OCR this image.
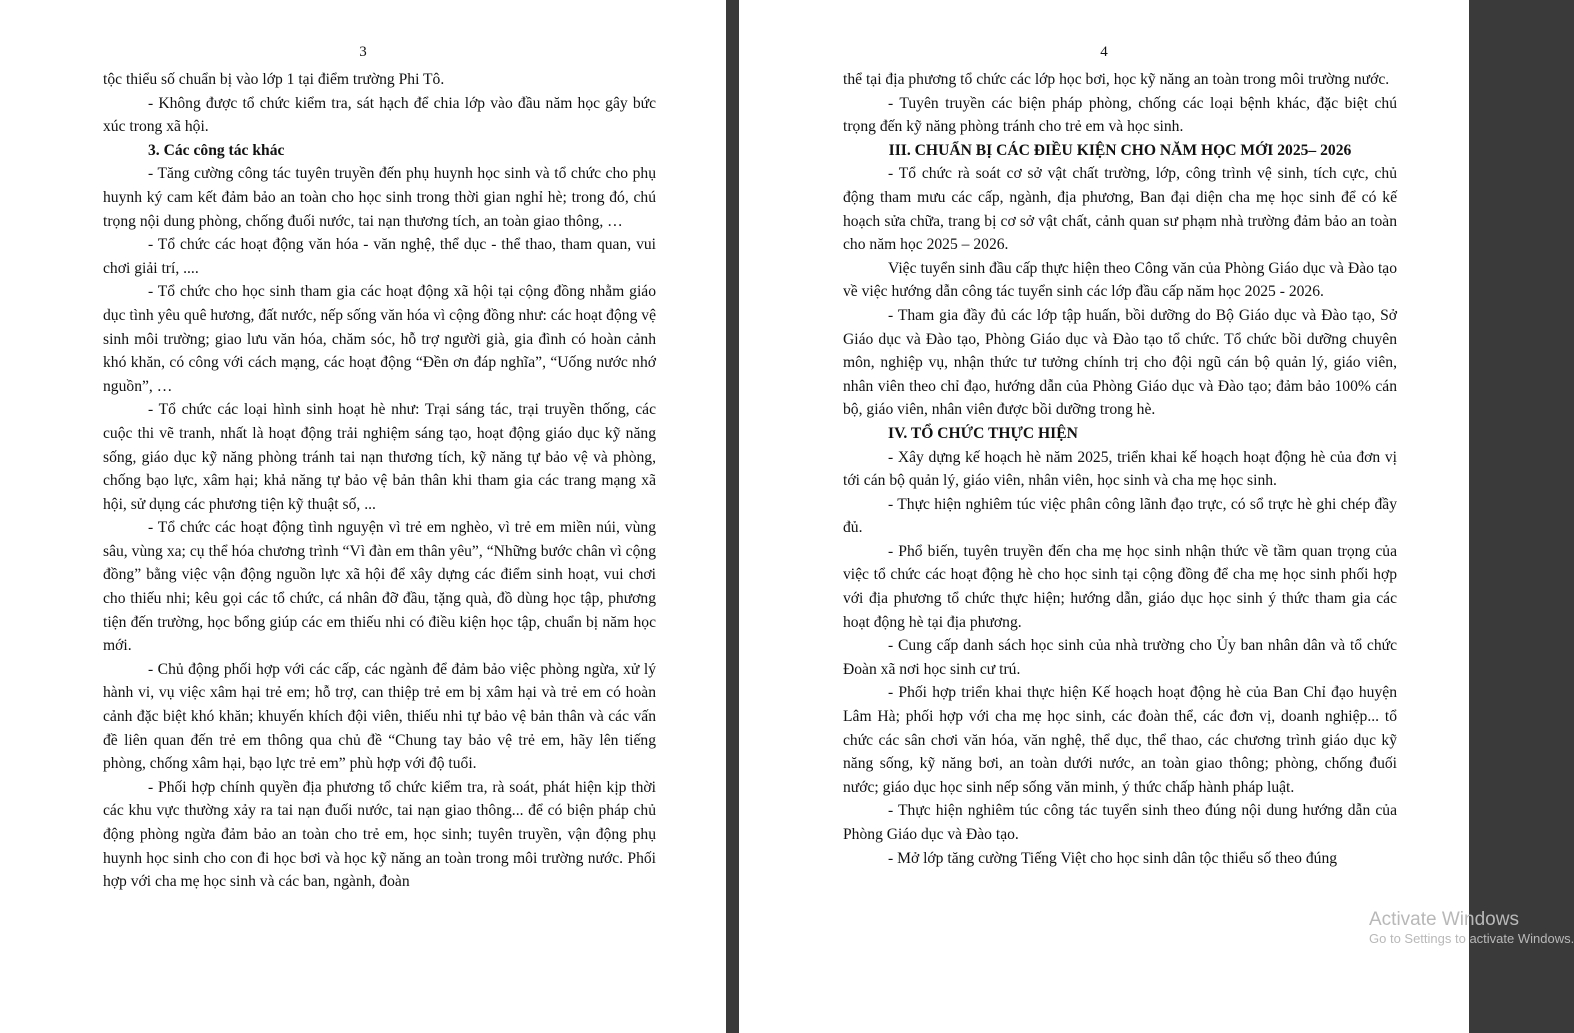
3

tộc thiểu số chuẩn bị vào lớp 1 tại điểm trường Phi Tô.

- Không được tổ chức kiểm tra, sát hạch để chia lớp vào đầu năm học gây bức xúc trong xã hội.

3. Các công tác khác

- Tăng cường công tác tuyên truyền đến phụ huynh học sinh và tổ chức cho phụ huynh ký cam kết đảm bảo an toàn cho học sinh trong thời gian nghỉ hè; trong đó, chú trọng nội dung phòng, chống đuối nước, tai nạn thương tích, an toàn giao thông, …

- Tổ chức các hoạt động văn hóa - văn nghệ, thể dục - thể thao, tham quan, vui chơi giải trí, ....

- Tổ chức cho học sinh tham gia các hoạt động xã hội tại cộng đồng nhằm giáo dục tình yêu quê hương, đất nước, nếp sống văn hóa vì cộng đồng như: các hoạt động vệ sinh môi trường; giao lưu văn hóa, chăm sóc, hỗ trợ người già, gia đình có hoàn cảnh khó khăn, có công với cách mạng, các hoạt động “Đền ơn đáp nghĩa”, “Uống nước nhớ nguồn”, …

- Tổ chức các loại hình sinh hoạt hè như: Trại sáng tác, trại truyền thống, các cuộc thi vẽ tranh, nhất là hoạt động trải nghiệm sáng tạo, hoạt động giáo dục kỹ năng sống, giáo dục kỹ năng phòng tránh tai nạn thương tích, kỹ năng tự bảo vệ và phòng, chống bạo lực, xâm hại; khả năng tự bảo vệ bản thân khi tham gia các trang mạng xã hội, sử dụng các phương tiện kỹ thuật số, ...

- Tổ chức các hoạt động tình nguyện vì trẻ em nghèo, vì trẻ em miền núi, vùng sâu, vùng xa; cụ thể hóa chương trình “Vì đàn em thân yêu”, “Những bước chân vì cộng đồng” bằng việc vận động nguồn lực xã hội để xây dựng các điểm sinh hoạt, vui chơi cho thiếu nhi; kêu gọi các tổ chức, cá nhân đỡ đầu, tặng quà, đồ dùng học tập, phương tiện đến trường, học bổng giúp các em thiếu nhi có điều kiện học tập, chuẩn bị năm học mới.

- Chủ động phối hợp với các cấp, các ngành để đảm bảo việc phòng ngừa, xử lý hành vi, vụ việc xâm hại trẻ em; hỗ trợ, can thiệp trẻ em bị xâm hại và trẻ em có hoàn cảnh đặc biệt khó khăn; khuyến khích đội viên, thiếu nhi tự bảo vệ bản thân và các vấn đề liên quan đến trẻ em thông qua chủ đề “Chung tay bảo vệ trẻ em, hãy lên tiếng phòng, chống xâm hại, bạo lực trẻ em” phù hợp với độ tuổi.

- Phối hợp chính quyền địa phương tổ chức kiểm tra, rà soát, phát hiện kịp thời các khu vực thường xảy ra tai nạn đuối nước, tai nạn giao thông... để có biện pháp chủ động phòng ngừa đảm bảo an toàn cho trẻ em, học sinh; tuyên truyền, vận động phụ huynh học sinh cho con đi học bơi và học kỹ năng an toàn trong môi trường nước. Phối hợp với cha mẹ học sinh và các ban, ngành, đoàn

4

thể tại địa phương tổ chức các lớp học bơi, học kỹ năng an toàn trong môi trường nước.

- Tuyên truyền các biện pháp phòng, chống các loại bệnh khác, đặc biệt chú trọng đến kỹ năng phòng tránh cho trẻ em và học sinh.

III. CHUẨN BỊ CÁC ĐIỀU KIỆN CHO NĂM HỌC MỚI 2025– 2026

- Tổ chức rà soát cơ sở vật chất trường, lớp, công trình vệ sinh, tích cực, chủ động tham mưu các cấp, ngành, địa phương, Ban đại diện cha mẹ học sinh để có kế hoạch sửa chữa, trang bị cơ sở vật chất, cảnh quan sư phạm nhà trường đảm bảo an toàn cho năm học 2025 – 2026.

Việc tuyển sinh đầu cấp thực hiện theo Công văn của Phòng Giáo dục và Đào tạo về việc hướng dẫn công tác tuyển sinh các lớp đầu cấp năm học 2025 - 2026.

- Tham gia đầy đủ các lớp tập huấn, bồi dưỡng do Bộ Giáo dục và Đào tạo, Sở Giáo dục và Đào tạo, Phòng Giáo dục và Đào tạo tổ chức. Tổ chức bồi dưỡng chuyên môn, nghiệp vụ, nhận thức tư tưởng chính trị cho đội ngũ cán bộ quản lý, giáo viên, nhân viên theo chỉ đạo, hướng dẫn của Phòng Giáo dục và Đào tạo; đảm bảo 100% cán bộ, giáo viên, nhân viên được bồi dưỡng trong hè.

IV. TỔ CHỨC THỰC HIỆN

- Xây dựng kế hoạch hè năm 2025, triển khai kế hoạch hoạt động hè của đơn vị tới cán bộ quản lý, giáo viên, nhân viên, học sinh và cha mẹ học sinh.

- Thực hiện nghiêm túc việc phân công lãnh đạo trực, có sổ trực hè ghi chép đầy đủ.

- Phổ biến, tuyên truyền đến cha mẹ học sinh nhận thức về tầm quan trọng của việc tổ chức các hoạt động hè cho học sinh tại cộng đồng để cha mẹ học sinh phối hợp với địa phương tổ chức thực hiện; hướng dẫn, giáo dục học sinh ý thức tham gia các hoạt động hè tại địa phương.

- Cung cấp danh sách học sinh của nhà trường cho Ủy ban nhân dân và tổ chức Đoàn xã nơi học sinh cư trú.

- Phối hợp triển khai thực hiện Kế hoạch hoạt động hè của Ban Chỉ đạo huyện Lâm Hà; phối hợp với cha mẹ học sinh, các đoàn thể, các đơn vị, doanh nghiệp... tổ chức các sân chơi văn hóa, văn nghệ, thể dục, thể thao, các chương trình giáo dục kỹ năng sống, kỹ năng bơi, an toàn dưới nước, an toàn giao thông; phòng, chống đuối nước; giáo dục học sinh nếp sống văn minh, ý thức chấp hành pháp luật.

- Thực hiện nghiêm túc công tác tuyển sinh theo đúng nội dung hướng dẫn của Phòng Giáo dục và Đào tạo.

- Mở lớp tăng cường Tiếng Việt cho học sinh dân tộc thiểu số theo đúng

Activate Windows
Go to Settings to activate Windows.
